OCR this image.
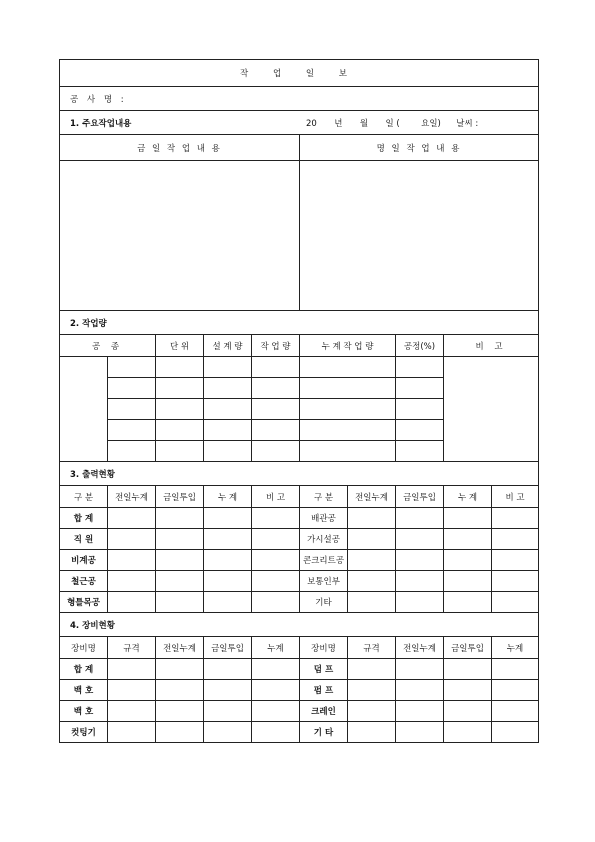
작 업 일 보									
공 사 명 :									
1. 주요작업내용 20 년 월 일 ( 요일) 날씨 :									

금 일 작 업 내 용					명 일 작 업 내 용				

2. 작업량									
공 종		단 위	설 계 량	작 업 량	누 계 작 업 량		공정(%)	비 고	

3. 출력현황									
구 분	전일누계	금일투입	누 계	비 고	구 분	전일누계	금일투입	누 계	비 고
합 계					배관공				
직 원					가시설공				
비계공					콘크리트공				
철근공					보통인부				
형틀목공					기타				
4. 장비현황									
장비명	규격	전일누계	금일투입	누계	장비명	규격	전일누계	금일투입	누계
합 계					덤 프				
백 호					펌 프				
백 호					크레인				
컷팅기					기 타				
